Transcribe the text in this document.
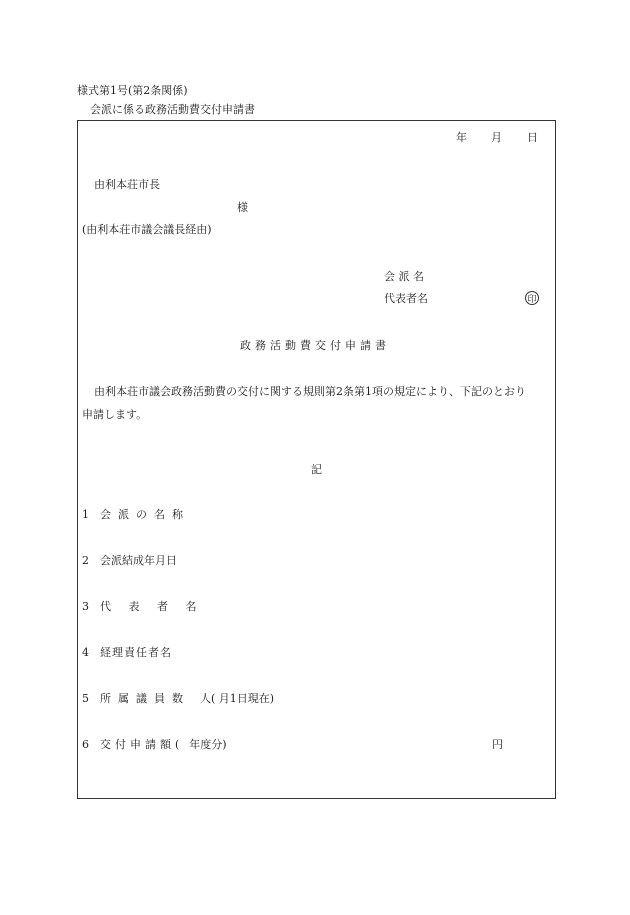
様式第1号(第2条関係)
会派に係る政務活動費交付申請書
年 月 日
由利本荘市長
様
(由利本荘市議会議長経由)
会 派 名
代表者名	印
政務活動費交付申請書
由利本荘市議会政務活動費の交付に関する規則第2条第1項の規定により、下記のとおり
申請します。
記
1 会派の名称
2 会派結成年月日
3 代 表 者 名
4 経理責任者名
5 所属議員数 人( 月1日現在)
6 交付申請額( 年度分)	円
